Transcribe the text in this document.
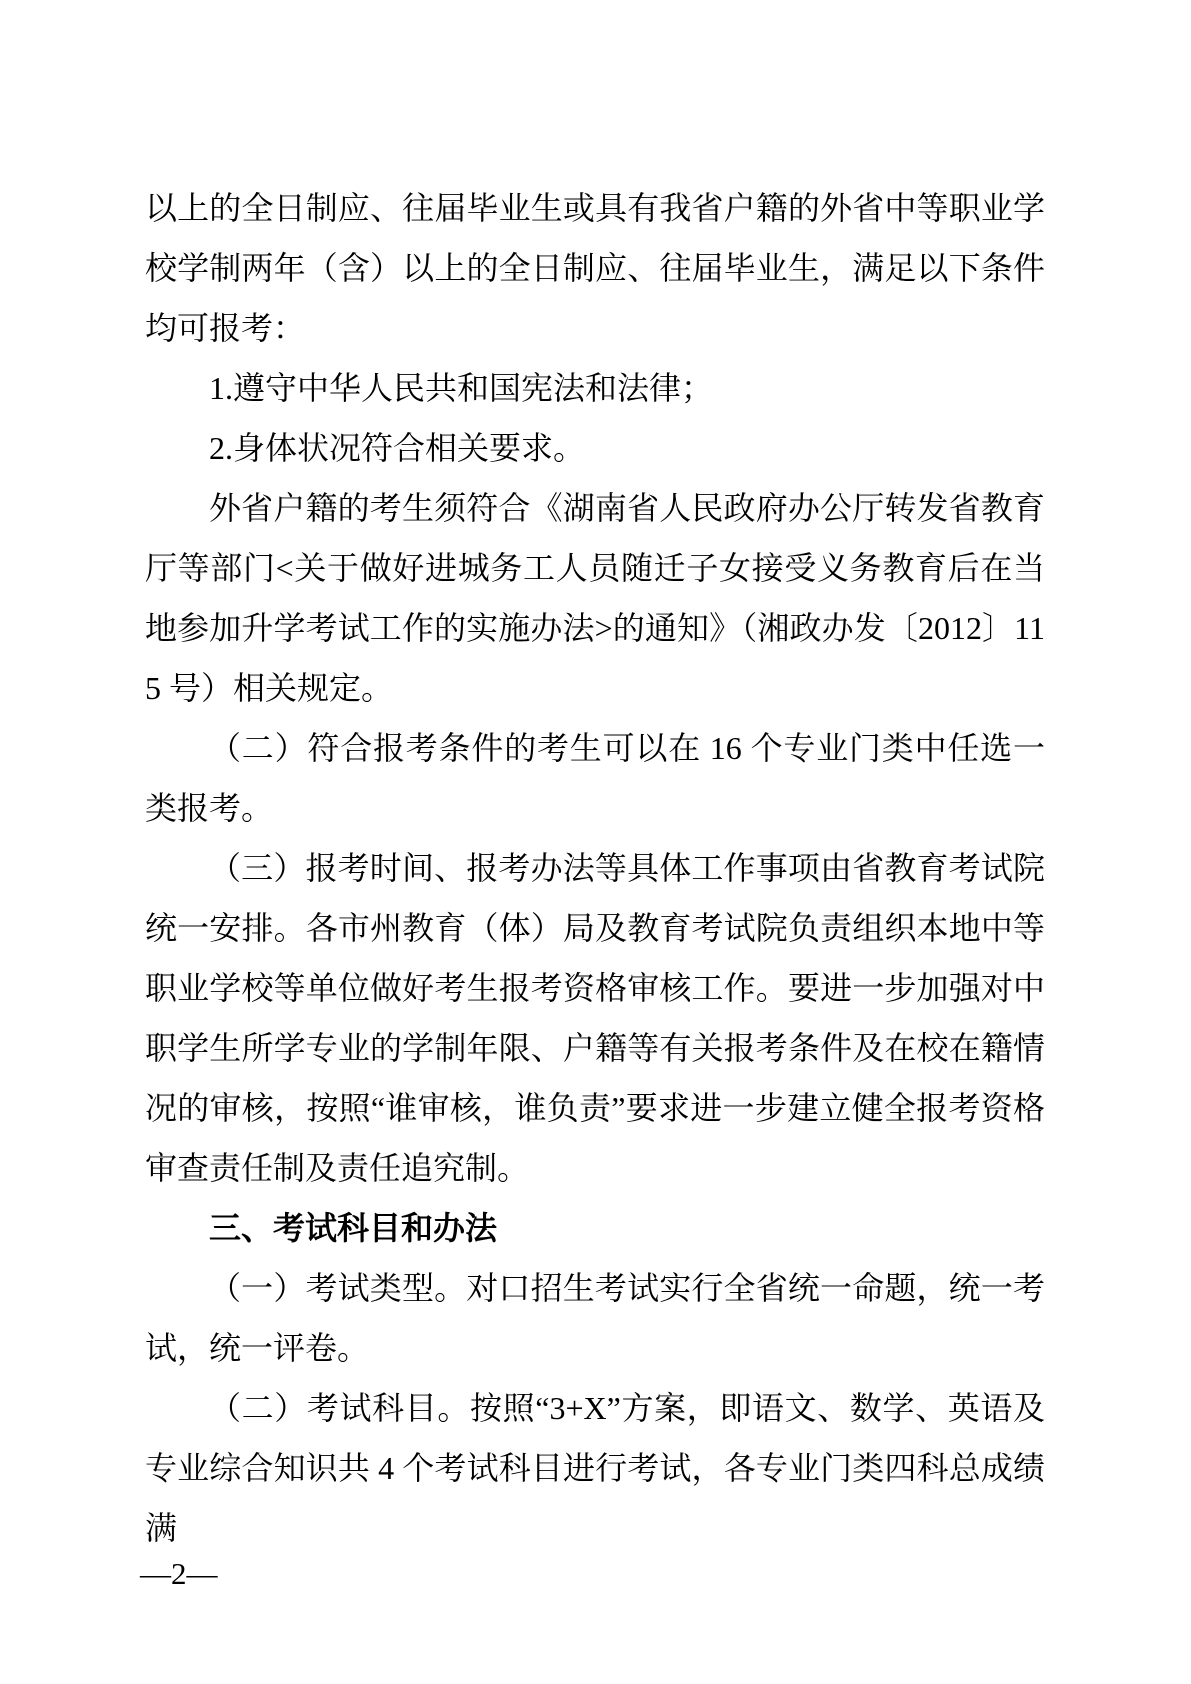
以上的全日制应、往届毕业生或具有我省户籍的外省中等职业学校学制两年（含）以上的全日制应、往届毕业生，满足以下条件均可报考：

1.遵守中华人民共和国宪法和法律；

2.身体状况符合相关要求。

外省户籍的考生须符合《湖南省人民政府办公厅转发省教育厅等部门<关于做好进城务工人员随迁子女接受义务教育后在当地参加升学考试工作的实施办法>的通知》（湘政办发〔2012〕115 号）相关规定。

（二）符合报考条件的考生可以在 16 个专业门类中任选一类报考。

（三）报考时间、报考办法等具体工作事项由省教育考试院统一安排。各市州教育（体）局及教育考试院负责组织本地中等职业学校等单位做好考生报考资格审核工作。要进一步加强对中职学生所学专业的学制年限、户籍等有关报考条件及在校在籍情况的审核，按照“谁审核，谁负责”要求进一步建立健全报考资格审查责任制及责任追究制。

三、考试科目和办法

（一）考试类型。对口招生考试实行全省统一命题，统一考试，统一评卷。

（二）考试科目。按照“3+X”方案，即语文、数学、英语及专业综合知识共 4 个考试科目进行考试，各专业门类四科总成绩满

—2—
